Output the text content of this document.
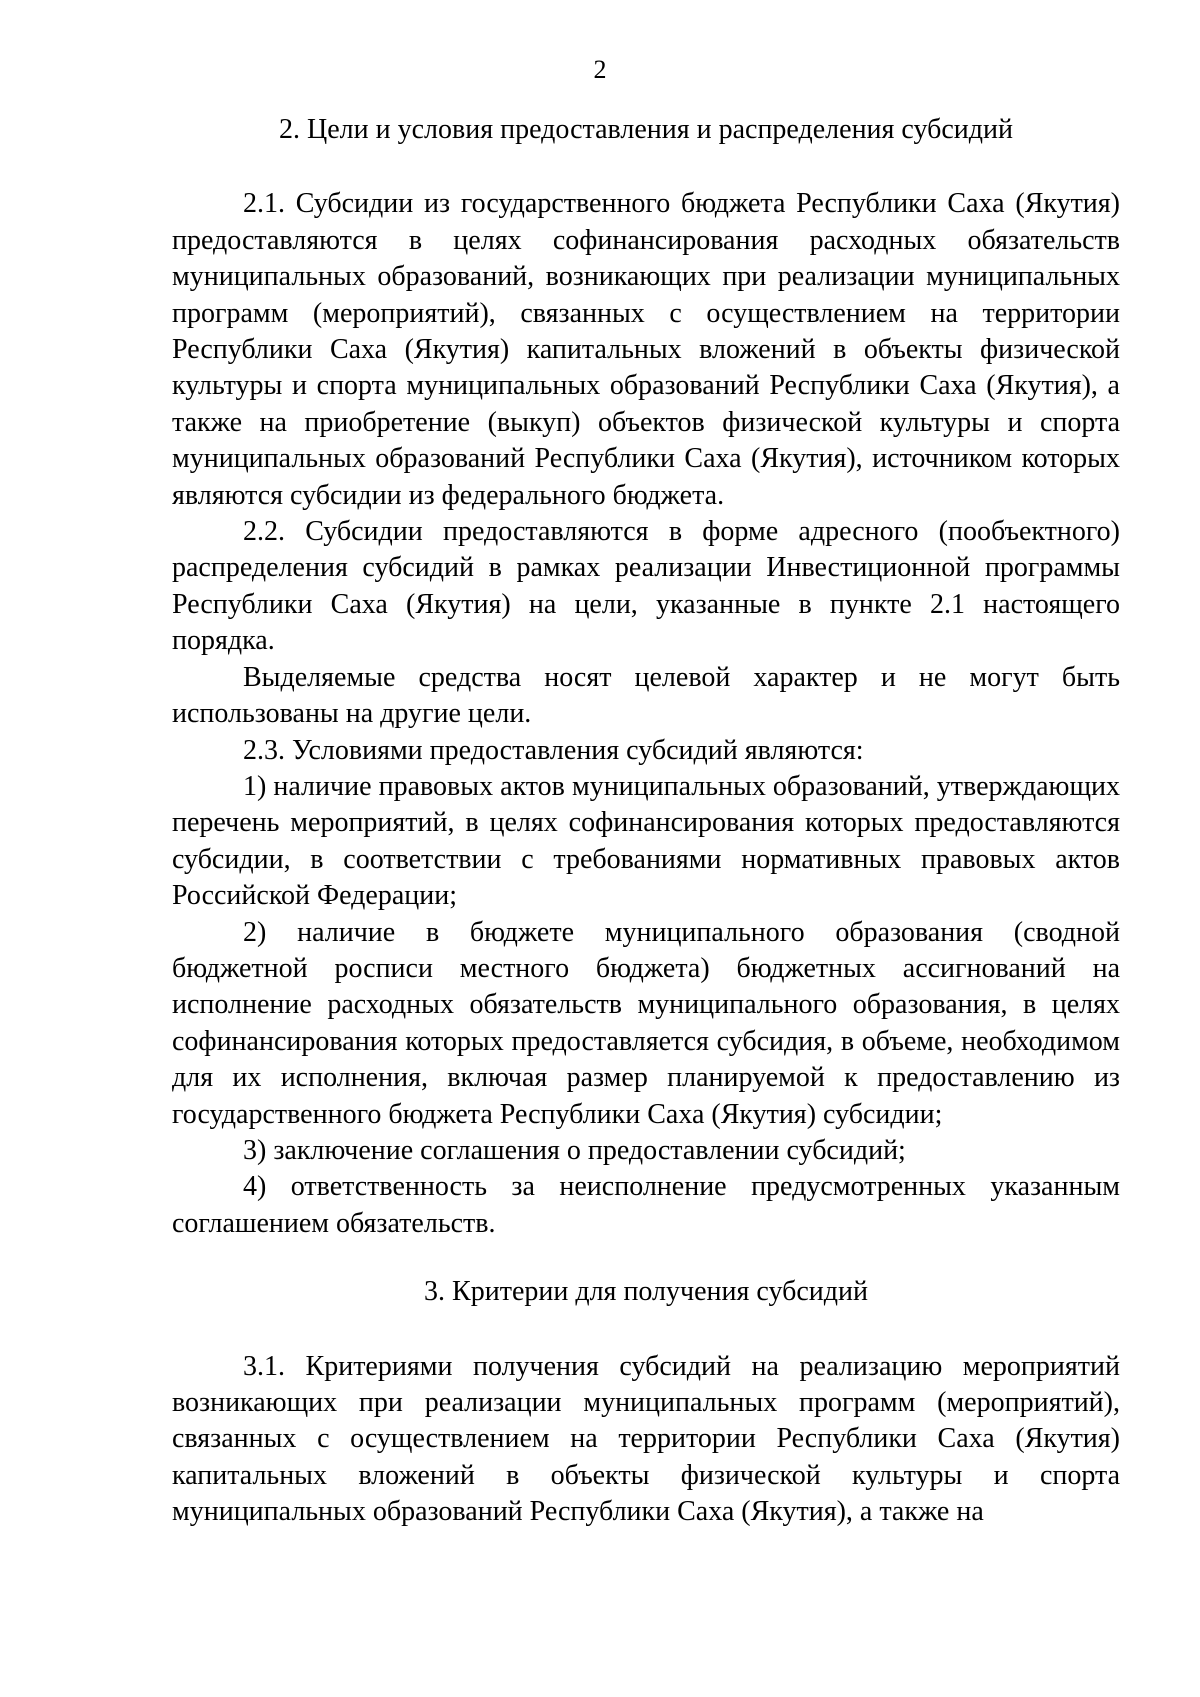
2

2. Цели и условия предоставления и распределения субсидий

2.1. Субсидии из государственного бюджета Республики Саха (Якутия) предоставляются в целях софинансирования расходных обязательств муниципальных образований, возникающих при реализации муниципальных программ (мероприятий), связанных с осуществлением на территории Республики Саха (Якутия) капитальных вложений в объекты физической культуры и спорта муниципальных образований Республики Саха (Якутия), а также на приобретение (выкуп) объектов физической культуры и спорта муниципальных образований Республики Саха (Якутия), источником которых являются субсидии из федерального бюджета.

2.2. Субсидии предоставляются в форме адресного (пообъектного) распределения субсидий в рамках реализации Инвестиционной программы Республики Саха (Якутия) на цели, указанные в пункте 2.1 настоящего порядка.

Выделяемые средства носят целевой характер и не могут быть использованы на другие цели.

2.3. Условиями предоставления субсидий являются:

1) наличие правовых актов муниципальных образований, утверждающих перечень мероприятий, в целях софинансирования которых предоставляются субсидии, в соответствии с требованиями нормативных правовых актов Российской Федерации;

2) наличие в бюджете муниципального образования (сводной бюджетной росписи местного бюджета) бюджетных ассигнований на исполнение расходных обязательств муниципального образования, в целях софинансирования которых предоставляется субсидия, в объеме, необходимом для их исполнения, включая размер планируемой к предоставлению из государственного бюджета Республики Саха (Якутия) субсидии;

3) заключение соглашения о предоставлении субсидий;

4) ответственность за неисполнение предусмотренных указанным соглашением обязательств.

3. Критерии для получения субсидий

3.1. Критериями получения субсидий на реализацию мероприятий возникающих при реализации муниципальных программ (мероприятий), связанных с осуществлением на территории Республики Саха (Якутия) капитальных вложений в объекты физической культуры и спорта муниципальных образований Республики Саха (Якутия), а также на
